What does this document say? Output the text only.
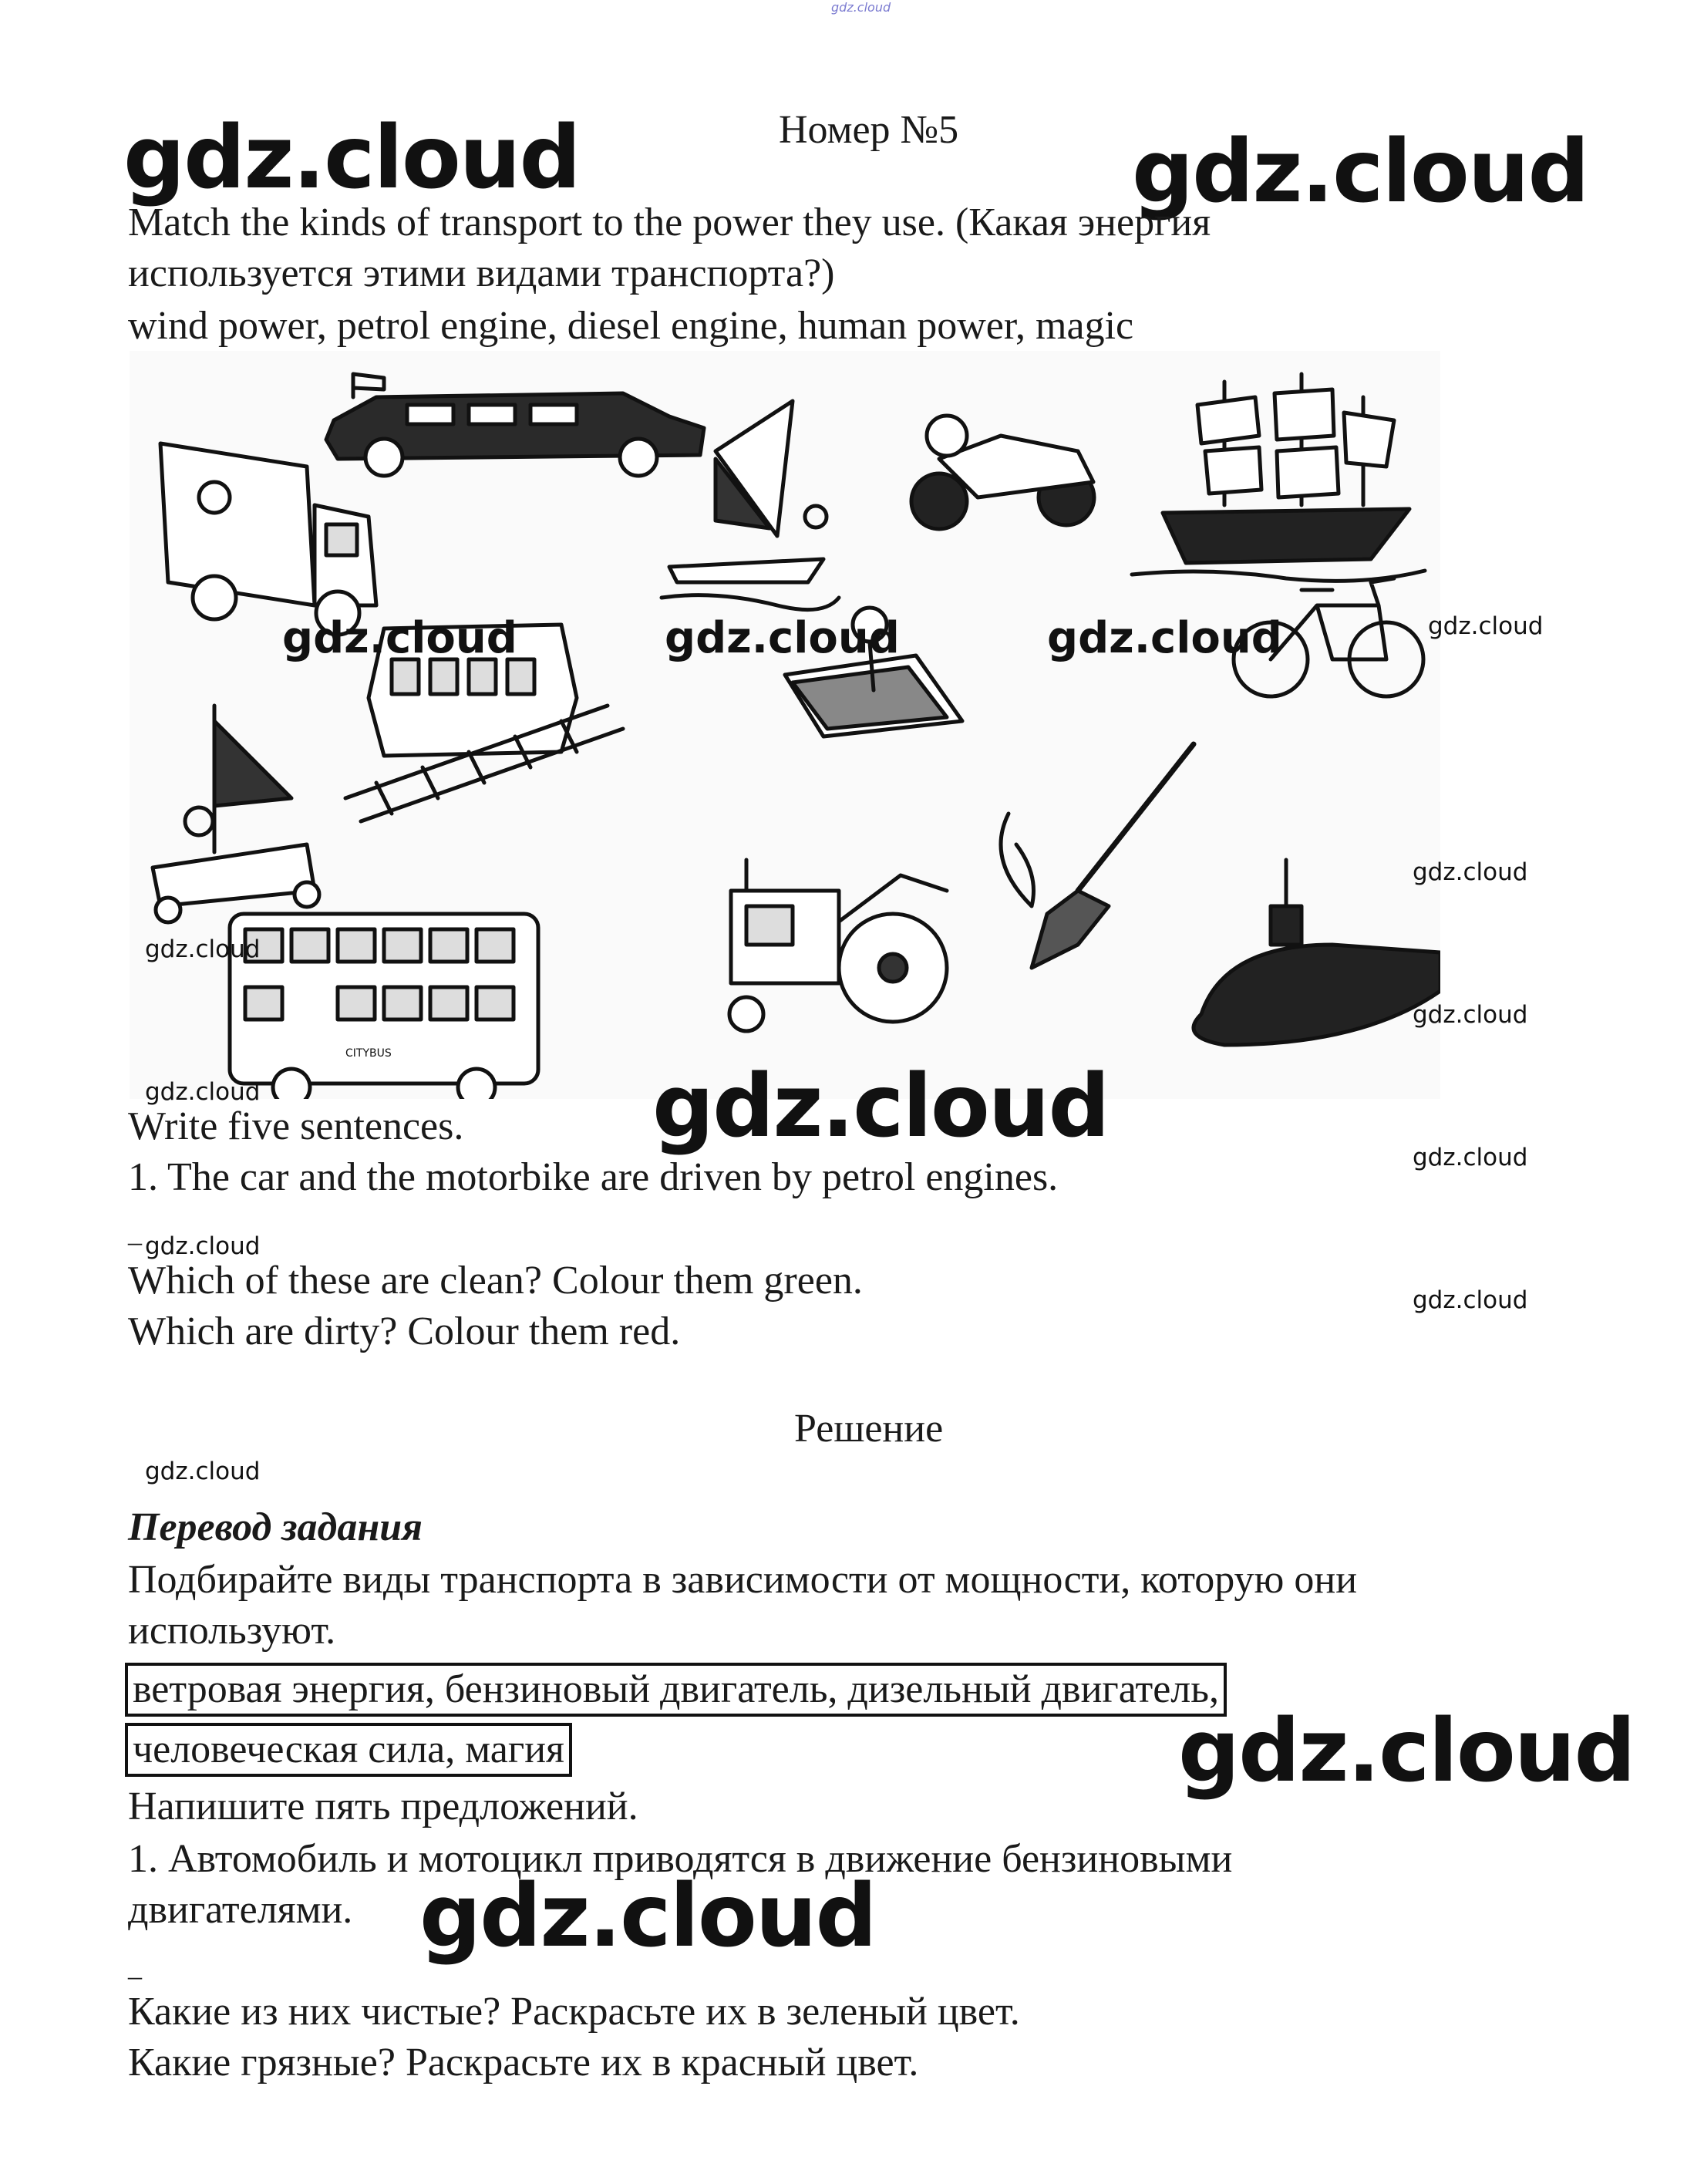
gdz.cloud
Номер №5
gdz.cloud	gdz.cloud
Match the kinds of transport to the power they use. (Какая энергия
используется этими видами транспорта?)
wind power, petrol engine, diesel engine, human power, magic
CITYBUS
gdz.cloud	gdz.cloud	gdz.cloud	gdz.cloud
gdz.cloud
gdz.cloud
gdz.cloud
gdz.cloud	gdz.cloud
Write five sentences.
gdz.cloud
1. The car and the motorbike are driven by petrol engines.
_ gdz.cloud
Which of these are clean? Colour them green.	gdz.cloud
Which are dirty? Colour them red.
Решение
gdz.cloud
Перевод задания
Подбирайте виды транспорта в зависимости от мощности, которую они
используют.
ветровая энергия, бензиновый двигатель, дизельный двигатель,
человеческая сила, магия	gdz.cloud
Напишите пять предложений.
1. Автомобиль и мотоцикл приводятся в движение бензиновыми
двигателями. gdz.cloud
_
Какие из них чистые? Раскрасьте их в зеленый цвет.
Какие грязные? Раскрасьте их в красный цвет.
